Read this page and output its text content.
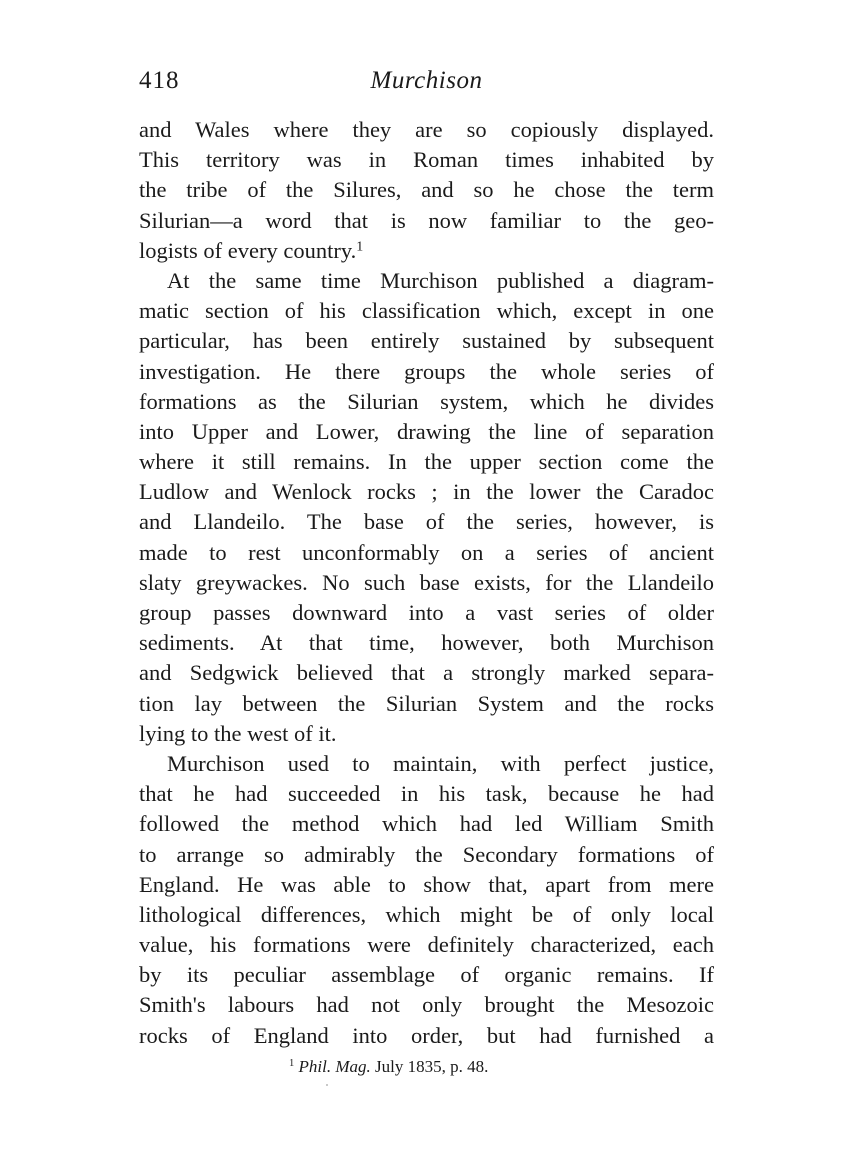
418	Murchison
and Wales where they are so copiously displayed.
This territory was in Roman times inhabited by
the tribe of the Silures, and so he chose the term
Silurian—a word that is now familiar to the geo-
logists of every country.$^1$
At the same time Murchison published a diagram-
matic section of his classification which, except in one
particular, has been entirely sustained by subsequent
investigation. He there groups the whole series of
formations as the Silurian system, which he divides
into Upper and Lower, drawing the line of separation
where it still remains. In the upper section come the
Ludlow and Wenlock rocks ; in the lower the Caradoc
and Llandeilo. The base of the series, however, is
made to rest unconformably on a series of ancient
slaty greywackes. No such base exists, for the Llandeilo
group passes downward into a vast series of older
sediments. At that time, however, both Murchison
and Sedgwick believed that a strongly marked separa-
tion lay between the Silurian System and the rocks
lying to the west of it.
Murchison used to maintain, with perfect justice,
that he had succeeded in his task, because he had
followed the method which had led William Smith
to arrange so admirably the Secondary formations of
England. He was able to show that, apart from mere
lithological differences, which might be of only local
value, his formations were definitely characterized, each
by its peculiar assemblage of organic remains. If
Smith's labours had not only brought the Mesozoic
rocks of England into order, but had furnished a
$^1$ Phil. Mag. July 1835, p. 48.
